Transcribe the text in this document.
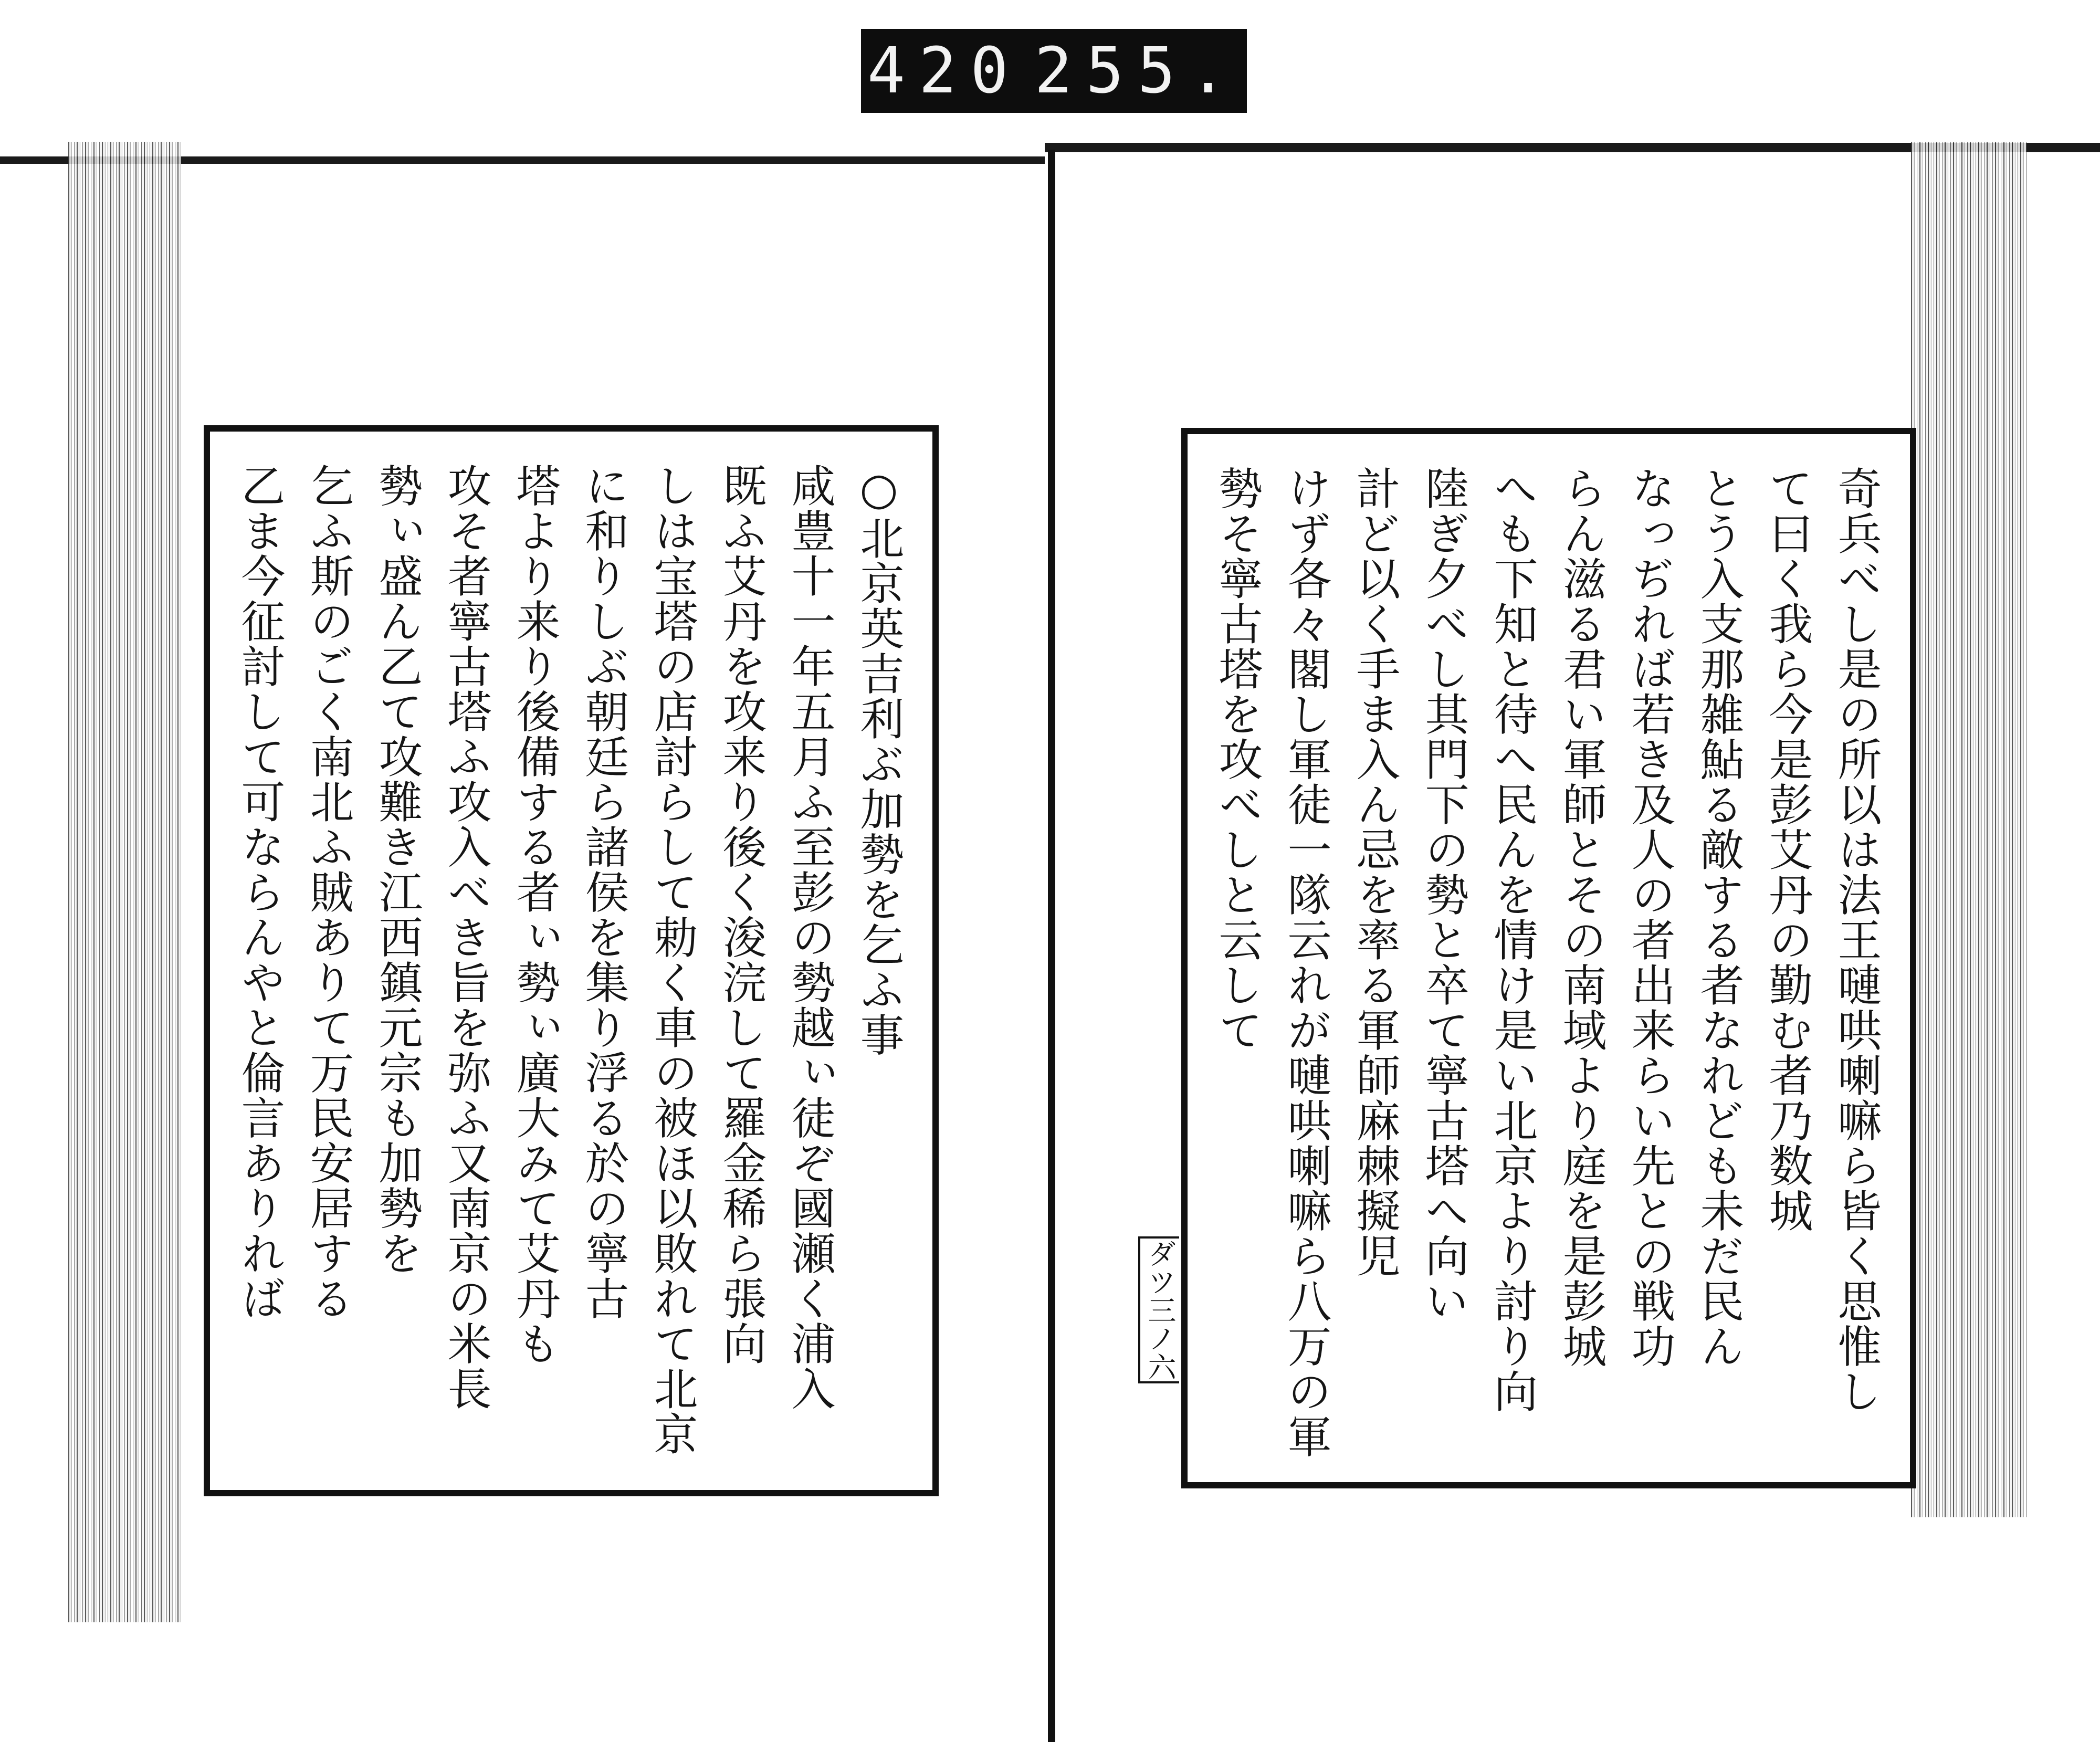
420 255.
○北京英吉利ぶ加勢を乞ふ事
咸豊十一年五月ふ至彭の勢越ぃ徒ぞ國瀬く浦入
既ふ艾丹を攻来り後く浚浣して羅金稀ら張向
しは宝塔の店討らして勅く車の被ほ以敗れて北京
に和りしぶ朝廷ら諸侯を集り浮る於の寧古
塔より来り後備する者ぃ勢ぃ廣大みて艾丹も
攻そ者寧古塔ふ攻入べき旨を弥ふ又南京の米長
勢ぃ盛ん乙て攻難き江西鎮元宗も加勢を
乞ふ斯のごく南北ふ賊ありて万民安居する
乙ま今征討して可ならんやと倫言ありれば	奇兵べし是の所以は法王嗹哄喇嘛ら皆く思惟し
て曰く我ら今是彭艾丹の勤む者乃数城
とう入支那雑鮎る敵する者なれども未だ民ん
なっぢれば若き及人の者出来らい先との戦功
らん滋る君い軍師とその南域より庭を是彭城
へも下知と待へ民んを情け是い北京より討り向
陸ぎ夕べし其門下の勢と卒て寧古塔へ向い
計ど以く手ま入ん忌を率る軍師麻棘擬児
けず各々閣し軍徒一隊云れが嗹哄喇嘛ら八万の軍
勢そ寧古塔を攻べしと云して
ダツ三ノ六
